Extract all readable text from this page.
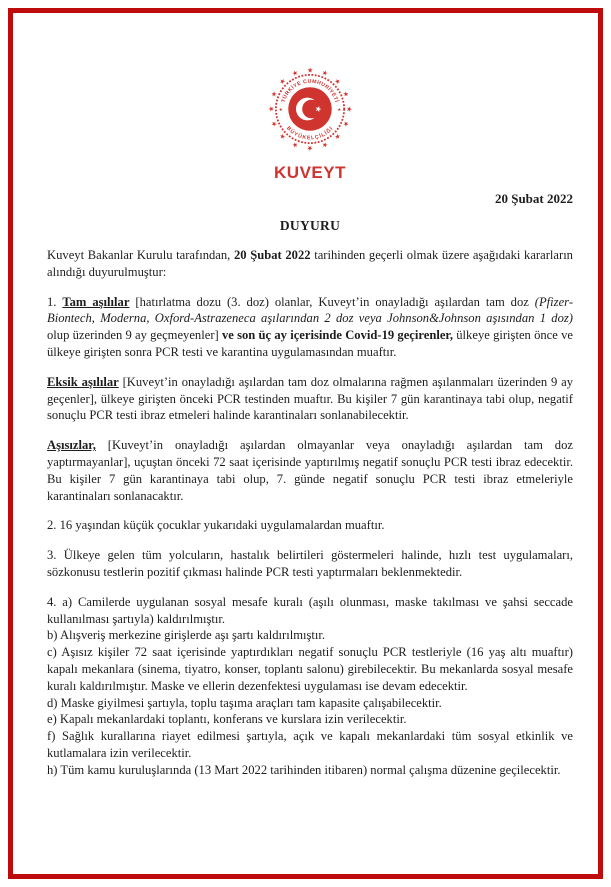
★ ★
★
★
★
★
★
★
★
★
★
★
★
★
★
★
TÜRKİYE CUMHURİYETİ
BÜYÜKELÇİLİĞİ
★	★
★
KUVEYT
20 Şubat 2022
DUYURU

Kuveyt Bakanlar Kurulu tarafından, 20 Şubat 2022 tarihinden geçerli olmak üzere aşağıdaki kararların alındığı duyurulmuştur:

1. Tam aşılılar [hatırlatma dozu (3. doz) olanlar, Kuveyt’in onayladığı aşılardan tam doz (Pfizer-Biontech, Moderna, Oxford-Astrazeneca aşılarından 2 doz veya Johnson&Johnson aşısından 1 doz) olup üzerinden 9 ay geçmeyenler] ve son üç ay içerisinde Covid-19 geçirenler, ülkeye girişten önce ve ülkeye girişten sonra PCR testi ve karantina uygulamasından muaftır.

Eksik aşılılar [Kuveyt’in onayladığı aşılardan tam doz olmalarına rağmen aşılanmaları üzerinden 9 ay geçenler], ülkeye girişten önceki PCR testinden muaftır. Bu kişiler 7 gün karantinaya tabi olup, negatif sonuçlu PCR testi ibraz etmeleri halinde karantinaları sonlanabilecektir.

Aşısızlar, [Kuveyt’in onayladığı aşılardan olmayanlar veya onayladığı aşılardan tam doz yaptırmayanlar], uçuştan önceki 72 saat içerisinde yaptırılmış negatif sonuçlu PCR testi ibraz edecektir. Bu kişiler 7 gün karantinaya tabi olup, 7. günde negatif sonuçlu PCR testi ibraz etmeleriyle karantinaları sonlanacaktır.

2. 16 yaşından küçük çocuklar yukarıdaki uygulamalardan muaftır.

3. Ülkeye gelen tüm yolcuların, hastalık belirtileri göstermeleri halinde, hızlı test uygulamaları, sözkonusu testlerin pozitif çıkması halinde PCR testi yaptırmaları beklenmektedir.

4. a) Camilerde uygulanan sosyal mesafe kuralı (aşılı olunması, maske takılması ve şahsi seccade kullanılması şartıyla) kaldırılmıştır.
b) Alışveriş merkezine girişlerde aşı şartı kaldırılmıştır.
c) Aşısız kişiler 72 saat içerisinde yaptırdıkları negatif sonuçlu PCR testleriyle (16 yaş altı muaftır) kapalı mekanlara (sinema, tiyatro, konser, toplantı salonu) girebilecektir. Bu mekanlarda sosyal mesafe kuralı kaldırılmıştır. Maske ve ellerin dezenfektesi uygulaması ise devam edecektir.
d) Maske giyilmesi şartıyla, toplu taşıma araçları tam kapasite çalışabilecektir.
e) Kapalı mekanlardaki toplantı, konferans ve kurslara izin verilecektir.
f) Sağlık kurallarına riayet edilmesi şartıyla, açık ve kapalı mekanlardaki tüm sosyal etkinlik ve kutlamalara izin verilecektir.
h) Tüm kamu kuruluşlarında (13 Mart 2022 tarihinden itibaren) normal çalışma düzenine geçilecektir.
